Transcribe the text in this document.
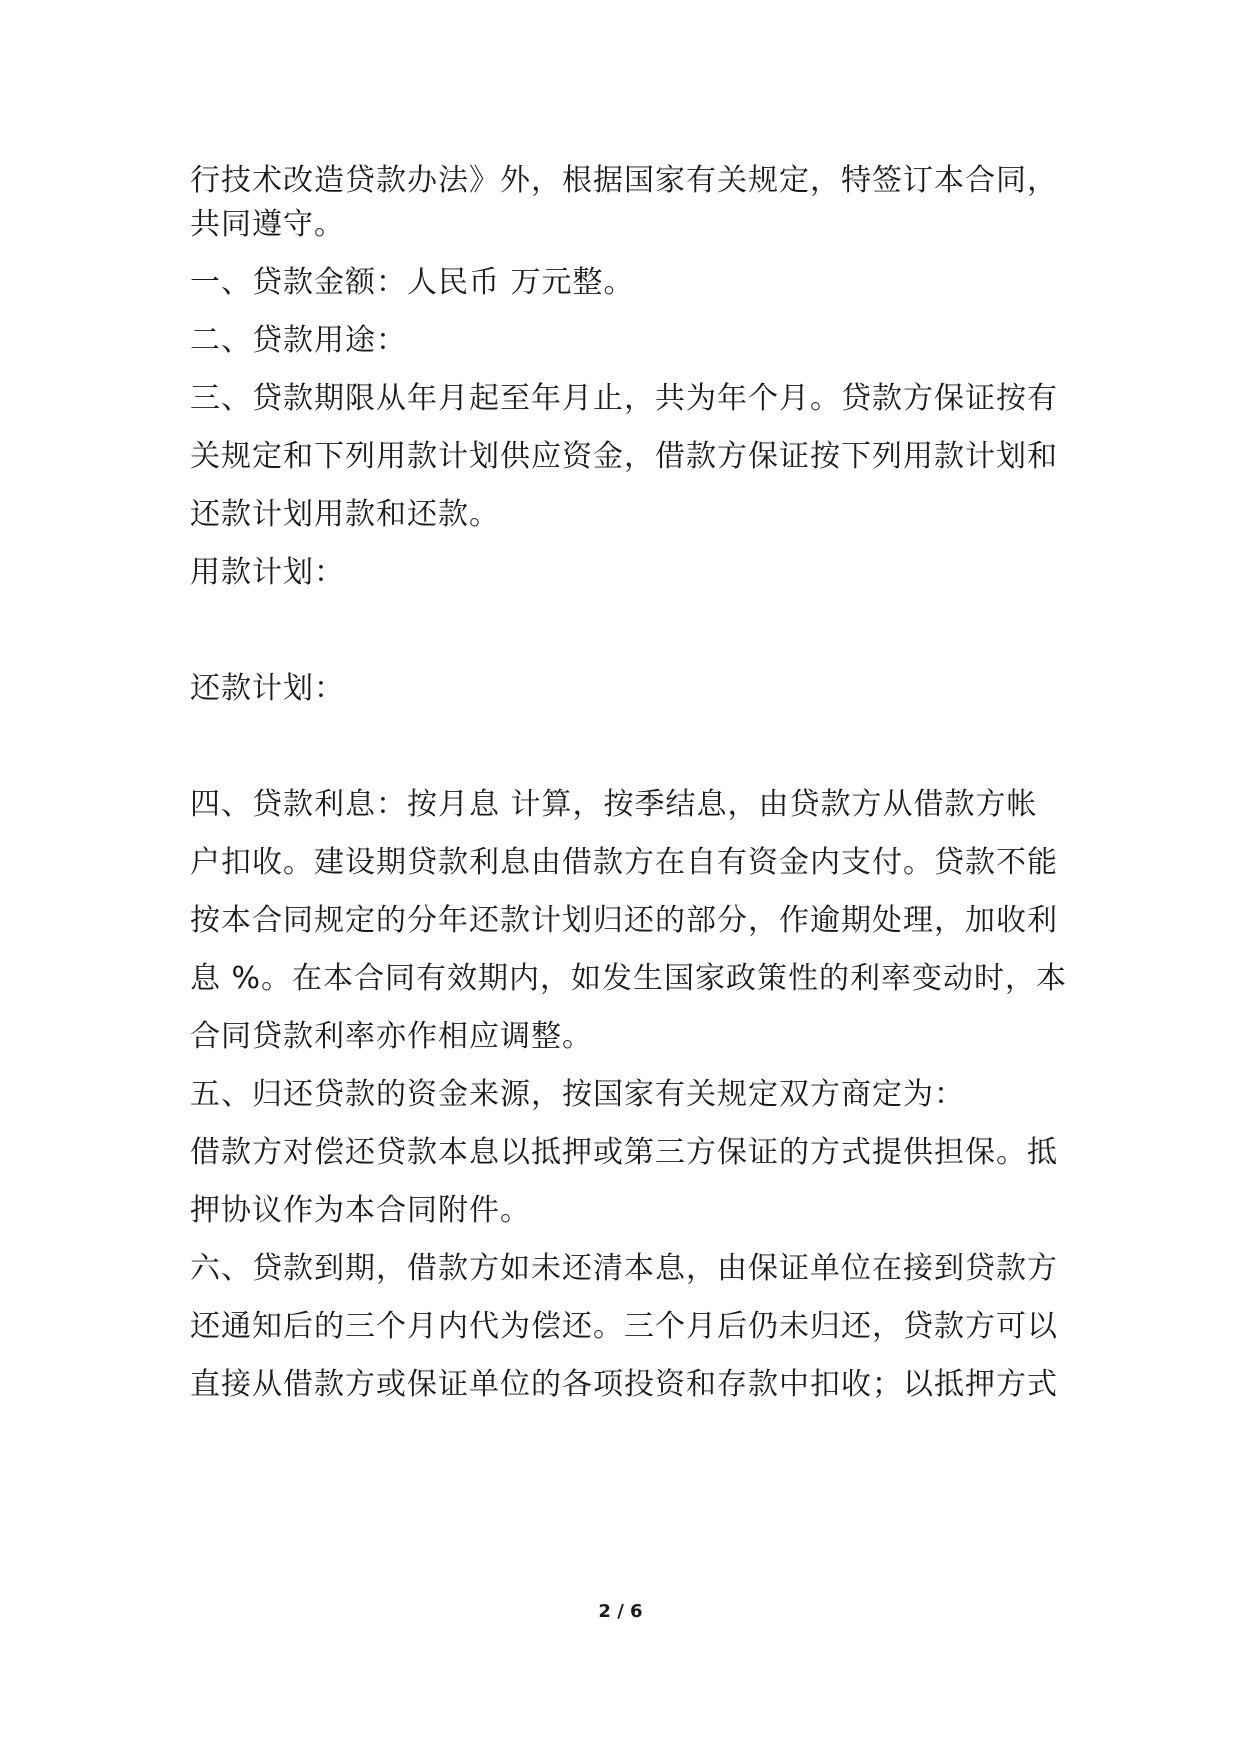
行技术改造贷款办法》外，根据国家有关规定，特签订本合同，
共同遵守。
一、贷款金额：人民币 万元整。
二、贷款用途：
三、贷款期限从年月起至年月止，共为年个月。贷款方保证按有
关规定和下列用款计划供应资金，借款方保证按下列用款计划和
还款计划用款和还款。
用款计划：
还款计划：
四、贷款利息：按月息 计算，按季结息，由贷款方从借款方帐
户扣收。建设期贷款利息由借款方在自有资金内支付。贷款不能
按本合同规定的分年还款计划归还的部分，作逾期处理，加收利
息 %。在本合同有效期内，如发生国家政策性的利率变动时，本
合同贷款利率亦作相应调整。
五、归还贷款的资金来源，按国家有关规定双方商定为：
借款方对偿还贷款本息以抵押或第三方保证的方式提供担保。抵
押协议作为本合同附件。
六、贷款到期，借款方如未还清本息，由保证单位在接到贷款方
还通知后的三个月内代为偿还。三个月后仍未归还，贷款方可以
直接从借款方或保证单位的各项投资和存款中扣收；以抵押方式
2 / 6
